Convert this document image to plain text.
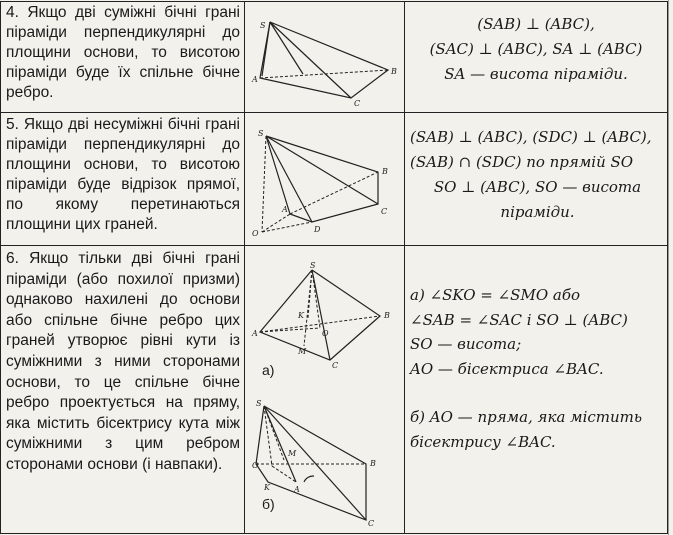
4. Якщо дві суміжні бічні грані піраміди перпендикулярні до площини основи, то висотою піраміди буде їх спільне бічне ребро.
S
A
B
C
(SAB) ⊥ (ABC),
(SAC) ⊥ (ABC), SA ⊥ (ABC)
SA — висота піраміди.
5. Якщо дві несуміжні бічні грані піраміди перпендикулярні до площини основи, то висотою піраміди буде відрізок прямої, по якому перетинаються площини цих граней.
S
A
B
C
D
O
(SAB) ⊥ (ABC), (SDC) ⊥ (ABC),
(SAB) ∩ (SDC) по прямій SO
SO ⊥ (ABC), SO — висота
піраміди.
6. Якщо тільки дві бічні грані піраміди (або похилої призми) однаково нахилені до основи або спільне бічне ребро цих граней утворює рівні кути із суміжними з ними сторонами основи, то це спільне бічне ребро проектується на пряму, яка містить бісектрису кута між суміжними з цим ребром сторонами основи (і навпаки).
S
A
B
C
K
O
M
а)
S
O
K
M
A
B
C
б)
а) ∠SKO = ∠SMO або
∠SAB = ∠SAC і SO ⊥ (ABC)
SO — висота;
AO — бісектриса ∠BAC.
б) AO — пряма, яка містить
бісектрису ∠BAC.
